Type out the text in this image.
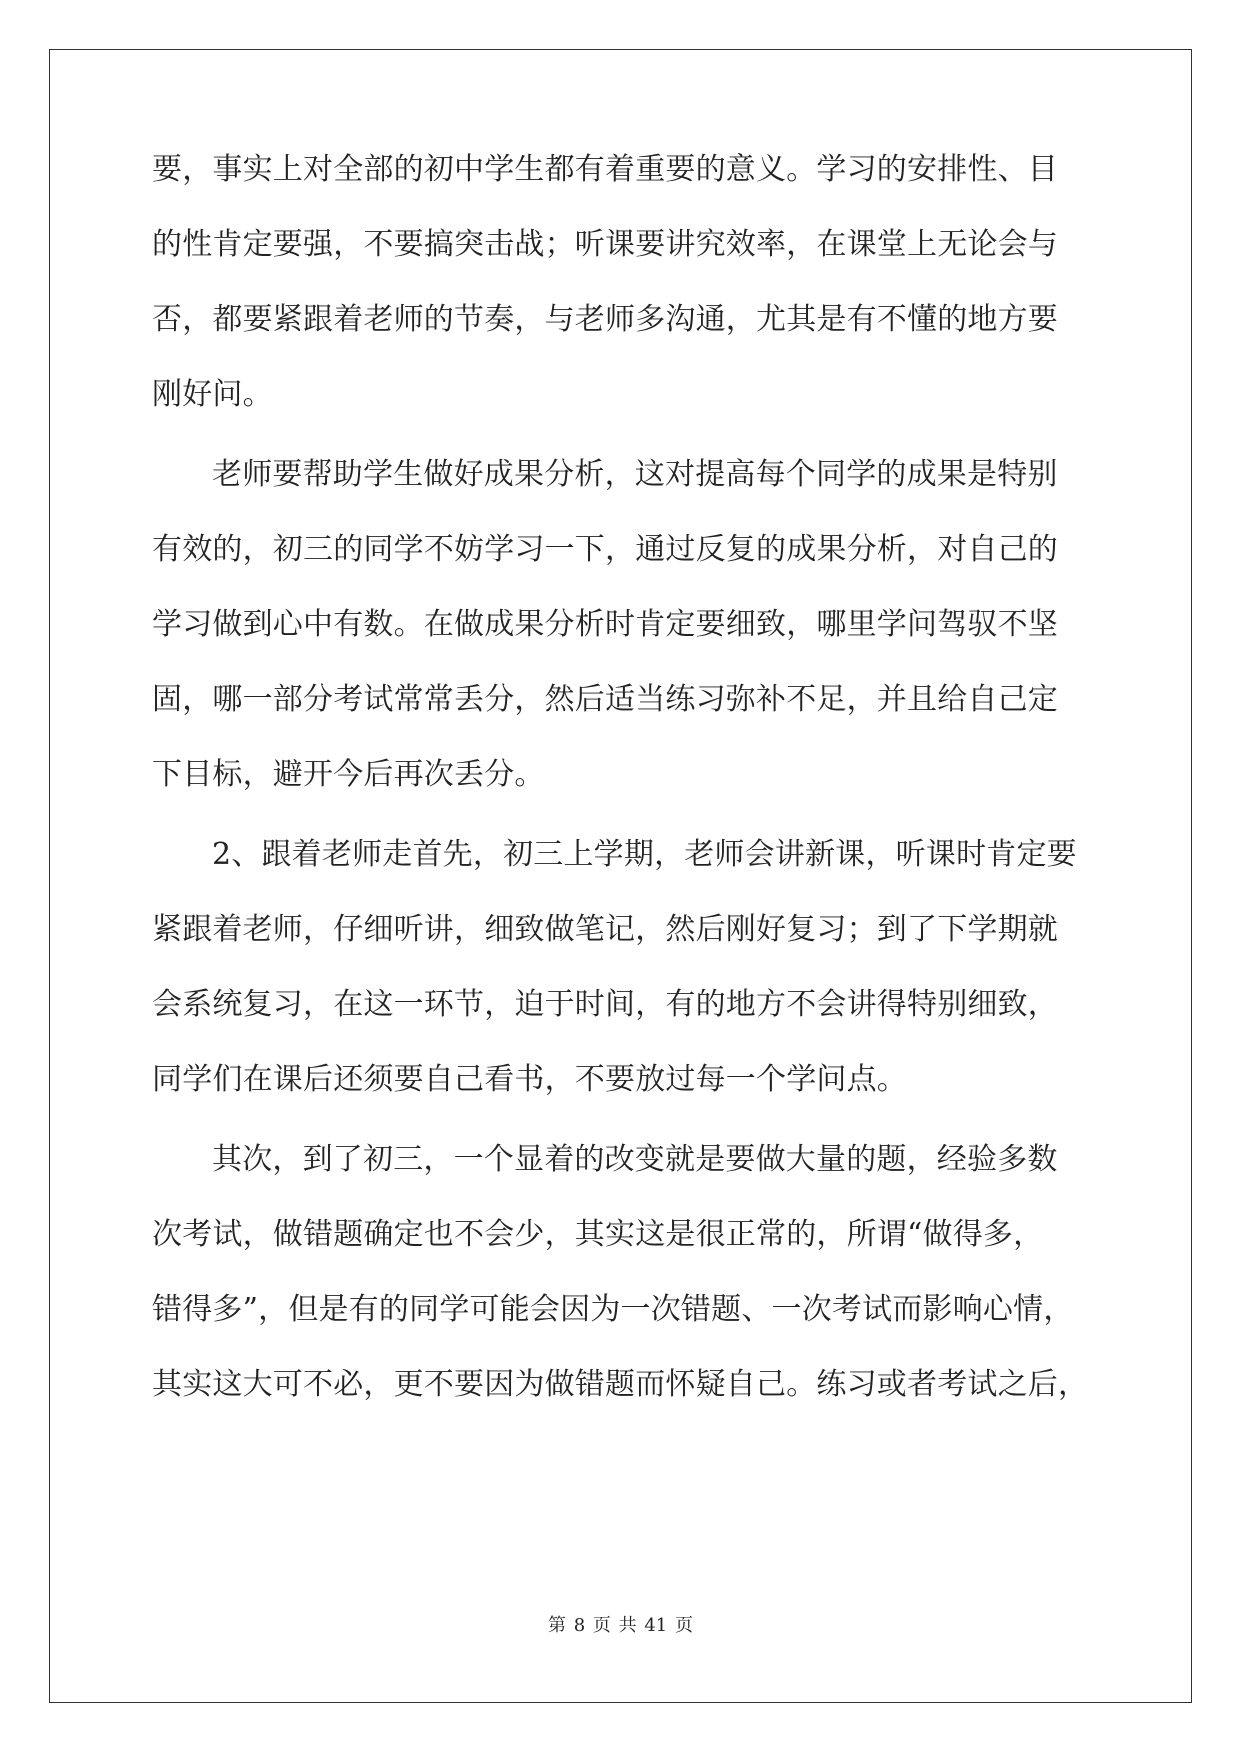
要，事实上对全部的初中学生都有着重要的意义。学习的安排性、目
的性肯定要强，不要搞突击战；听课要讲究效率，在课堂上无论会与
否，都要紧跟着老师的节奏，与老师多沟通，尤其是有不懂的地方要
刚好问。
老师要帮助学生做好成果分析，这对提高每个同学的成果是特别
有效的，初三的同学不妨学习一下，通过反复的成果分析，对自己的
学习做到心中有数。在做成果分析时肯定要细致，哪里学问驾驭不坚
固，哪一部分考试常常丢分，然后适当练习弥补不足，并且给自己定
下目标，避开今后再次丢分。
2、跟着老师走首先，初三上学期，老师会讲新课，听课时肯定要
紧跟着老师，仔细听讲，细致做笔记，然后刚好复习；到了下学期就
会系统复习，在这一环节，迫于时间，有的地方不会讲得特别细致，
同学们在课后还须要自己看书，不要放过每一个学问点。
其次，到了初三，一个显着的改变就是要做大量的题，经验多数
次考试，做错题确定也不会少，其实这是很正常的，所谓“做得多，
错得多”，但是有的同学可能会因为一次错题、一次考试而影响心情，
其实这大可不必，更不要因为做错题而怀疑自己。练习或者考试之后，
第 8 页 共 41 页
